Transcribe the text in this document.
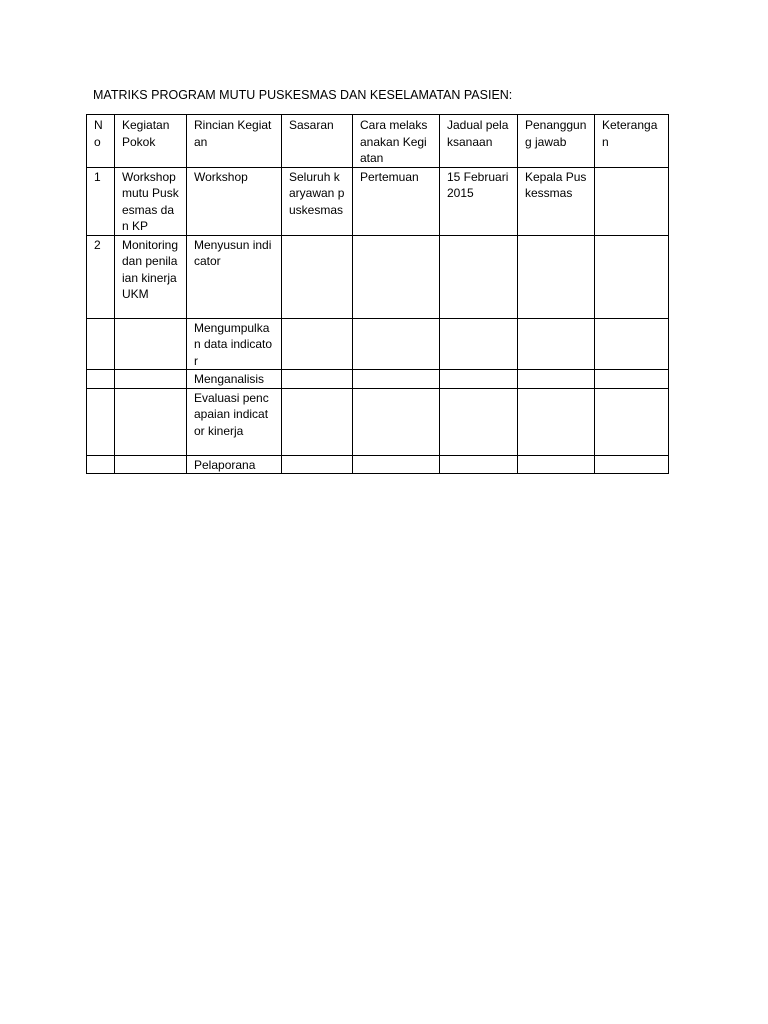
MATRIKS PROGRAM MUTU PUSKESMAS DAN KESELAMATAN PASIEN:
No	Kegiatan Pokok	Rincian Kegiatan	Sasaran	Cara melaksanakan Kegiatan	Jadual pelaksanaan	Penanggung jawab	Keterangan
1	Workshop mutu Puskesmas dan KP	Workshop	Seluruh karyawan puskesmas	Pertemuan	15 Februari 2015	Kepala Puskessmas	
2	Monitoring dan penilaian kinerja UKM	Menyusun indicator					
		Mengumpulkan data indicator					
		Menganalisis					
		Evaluasi pencapaian indicator kinerja					
		Pelaporana					
